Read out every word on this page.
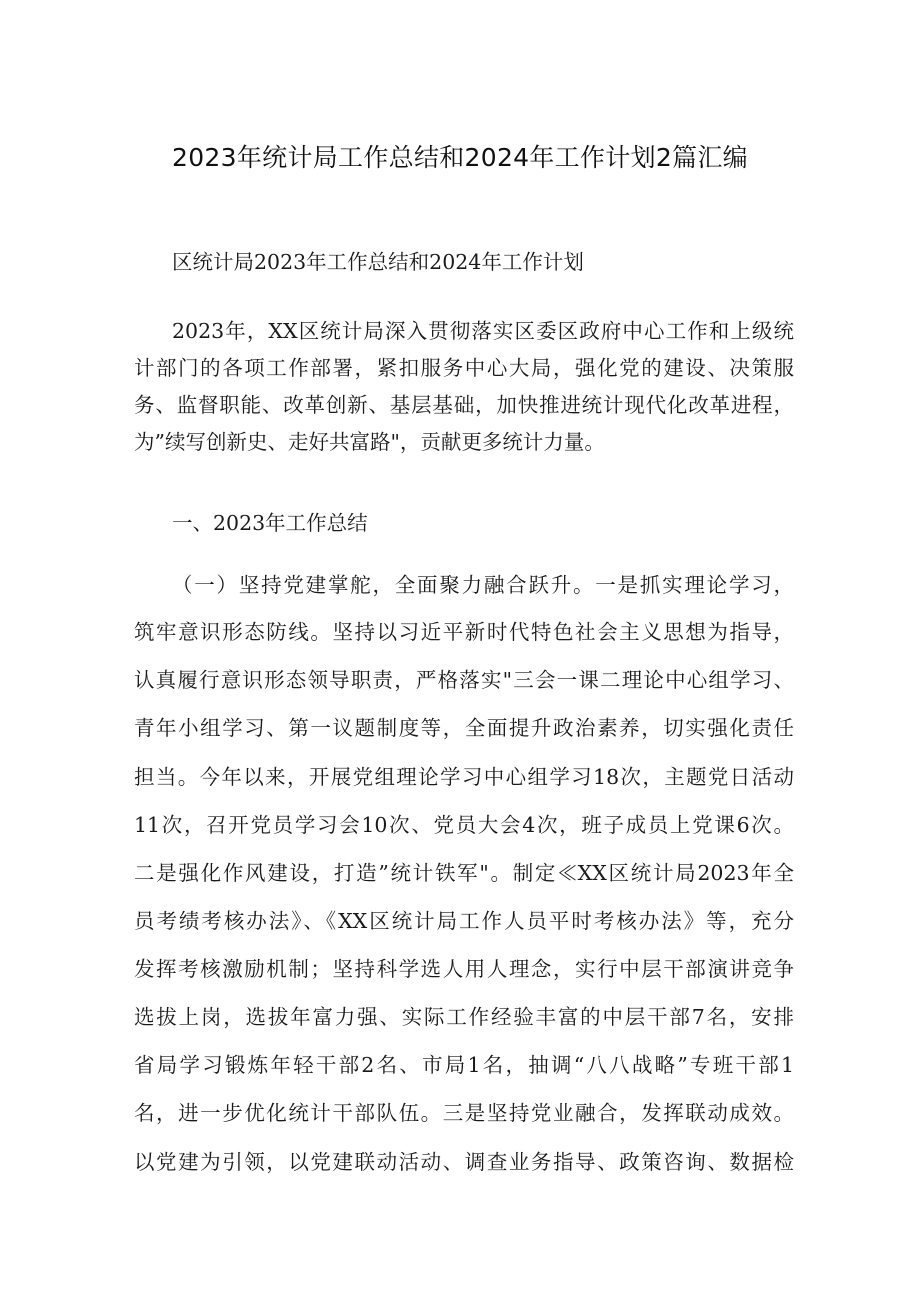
2023年统计局工作总结和2024年工作计划2篇汇编

区统计局2023年工作总结和2024年工作计划

2023年，XX区统计局深入贯彻落实区委区政府中心工作和上级统

计部门的各项工作部署，紧扣服务中心大局，强化党的建设、决策服

务、监督职能、改革创新、基层基础，加快推进统计现代化改革进程，

为”续写创新史、走好共富路"，贡献更多统计力量。

一、2023年工作总结

（一）坚持党建掌舵，全面聚力融合跃升。一是抓实理论学习，

筑牢意识形态防线。坚持以习近平新时代特色社会主义思想为指导，

认真履行意识形态领导职责，严格落实"三会一课二理论中心组学习、

青年小组学习、第一议题制度等，全面提升政治素养，切实强化责任

担当。今年以来，开展党组理论学习中心组学习18次，主题党日活动

11次，召开党员学习会10次、党员大会4次，班子成员上党课6次。

二是强化作风建设，打造”统计铁军"。制定≪XX区统计局2023年全

员考绩考核办法》、《XX区统计局工作人员平时考核办法》等，充分

发挥考核激励机制；坚持科学选人用人理念，实行中层干部演讲竞争

选拔上岗，选拔年富力强、实际工作经验丰富的中层干部7名，安排

省局学习锻炼年轻干部2名、市局1名，抽调“八八战略”专班干部1

名，进一步优化统计干部队伍。三是坚持党业融合，发挥联动成效。

以党建为引领，以党建联动活动、调查业务指导、政策咨询、数据检
